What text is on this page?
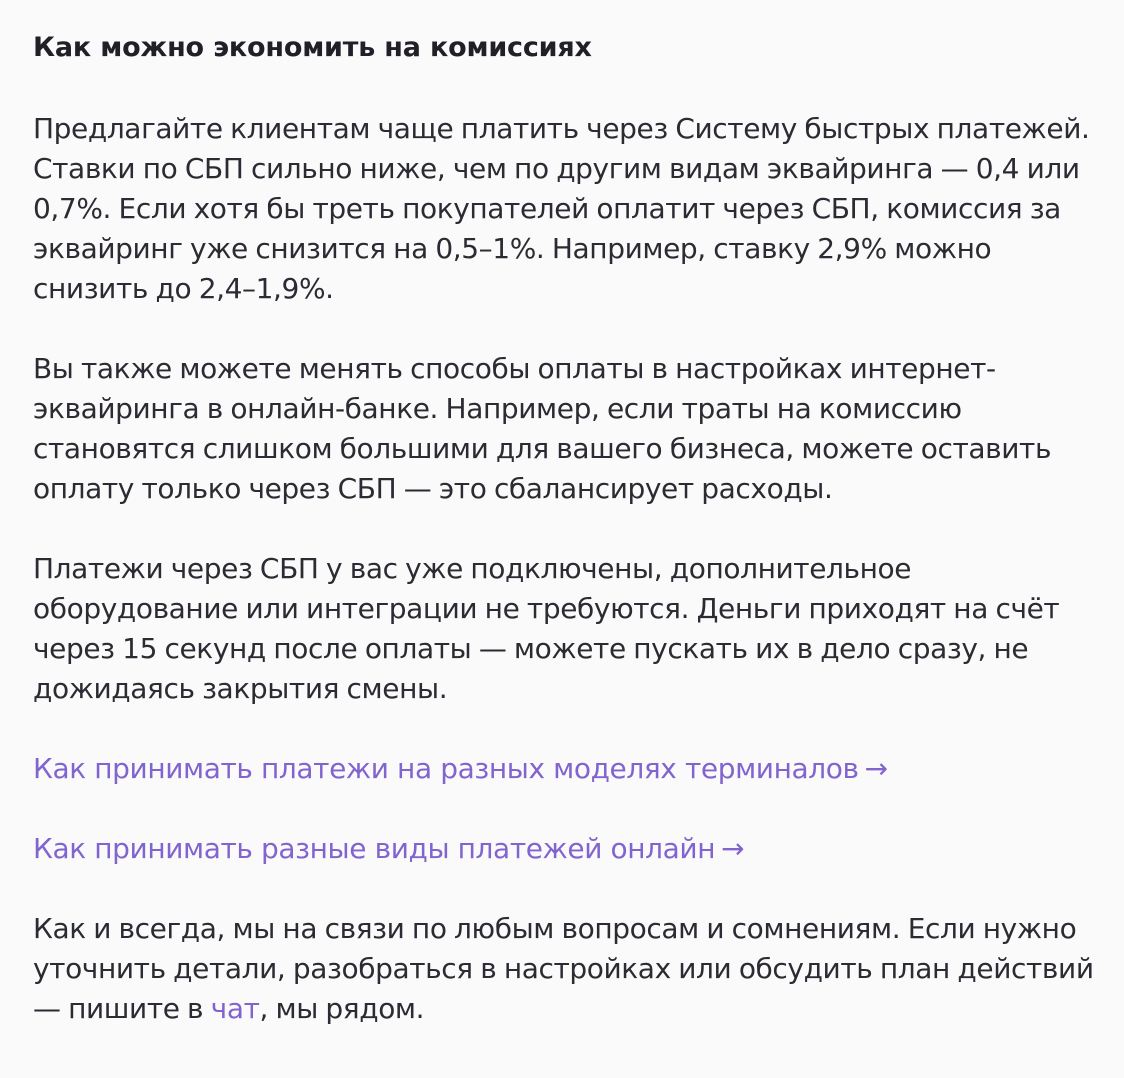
Как можно экономить на комиссиях

Предлагайте клиентам чаще платить через Систему быстрых платежей. Ставки по СБП сильно ниже, чем по другим видам эквайринга — 0,4 или 0,7%. Если хотя бы треть покупателей оплатит через СБП, комиссия за эквайринг уже снизится на 0,5–1%. Например, ставку 2,9% можно снизить до 2,4–1,9%.

Вы также можете менять способы оплаты в настройках интернет-эквайринга в онлайн-банке. Например, если траты на комиссию становятся слишком большими для вашего бизнеса, можете оставить оплату только через СБП — это сбалансирует расходы.

Платежи через СБП у вас уже подключены, дополнительное оборудование или интеграции не требуются. Деньги приходят на счёт через 15 секунд после оплаты — можете пускать их в дело сразу, не дожидаясь закрытия смены.

Как принимать платежи на разных моделях терминалов →
Как принимать разные виды платежей онлайн →

Как и всегда, мы на связи по любым вопросам и сомнениям. Если нужно уточнить детали, разобраться в настройках или обсудить план действий — пишите в чат, мы рядом.
